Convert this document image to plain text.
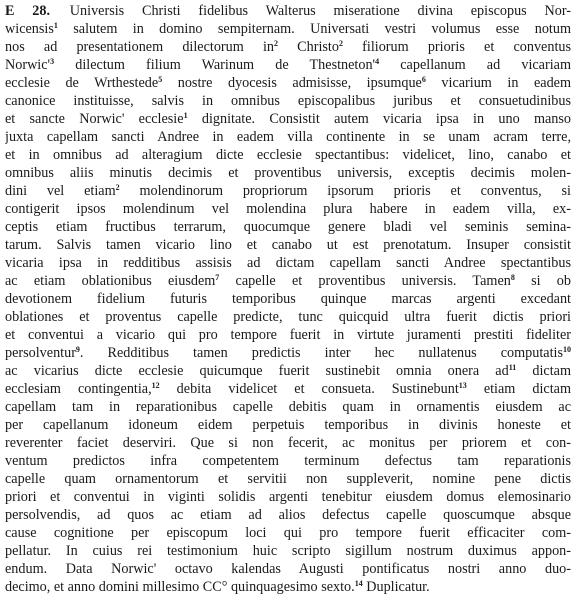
E 28. Universis Christi fidelibus Walterus miseratione divina episcopus Nor-
wicensis$^1$ salutem in domino sempiternam. Universati vestri volumus esse notum
nos ad presentationem dilectorum $in^2$ Christo$^2$ filiorum prioris et conventus
$Norwic'^3$ dilectum filium Warinum de $Thestneton'^4$ capellanum ad vicariam
ecclesie de Wrthestede$^5$ nostre dyocesis admisisse, ipsumque$^6$ vicarium in eadem
canonice instituisse, salvis in omnibus episcopalibus juribus et consuetudinibus
et sancte Norwic' ecclesie$^1$ dignitate. Consistit autem vicaria ipsa in uno manso
juxta capellam sancti Andree in eadem villa continente in se unam acram terre,
et in omnibus ad alteragium dicte ecclesie spectantibus: videlicet, lino, canabo et
omnibus aliis minutis decimis et proventibus universis, exceptis decimis molen-
dini vel etiam$^2$ molendinorum propriorum ipsorum prioris et conventus, si
contigerit ipsos molendinum vel molendina plura habere in eadem villa, ex-
ceptis etiam fructibus terrarum, quocumque genere bladi vel seminis semina-
tarum. Salvis tamen vicario lino et canabo ut est prenotatum. Insuper consistit
vicaria ipsa in redditibus assisis ad dictam capellam sancti Andree spectantibus
ac etiam oblationibus eiusdem$^7$ capelle et proventibus universis. Tamen$^8$ si ob
devotionem fidelium futuris temporibus quinque marcas argenti excedant
oblationes et proventus capelle predicte, tunc quicquid ultra fuerit dictis priori
et conventui a vicario qui pro tempore fuerit in virtute juramenti prestiti fideliter
persolventur$^9$. Redditibus tamen predictis inter hec nullatenus computatis$^{10}$
ac vicarius dicte ecclesie quicumque fuerit sustinebit omnia onera $ad^{11}$ dictam
ecclesiam contingentia,$^{12}$ debita videlicet et consueta. Sustinebunt$^{13}$ etiam dictam
capellam tam in reparationibus capelle debitis quam in ornamentis eiusdem ac
per capellanum idoneum eidem perpetuis temporibus in divinis honeste et
reverenter faciet deserviri. Que si non fecerit, ac monitus per priorem et con-
ventum predictos infra competentem terminum defectus tam reparationis
capelle quam ornamentorum et servitii non suppleverit, nomine pene dictis
priori et conventui in viginti solidis argenti tenebitur eiusdem domus elemosinario
persolvendis, ad quos ac etiam ad alios defectus capelle quoscumque absque
cause cognitione per episcopum loci qui pro tempore fuerit efficaciter com-
pellatur. In cuius rei testimonium huic scripto sigillum nostrum duximus appon-
endum. Data Norwic' octavo kalendas Augusti pontificatus nostri anno duo-
decimo, et anno domini millesimo CC° quinquagesimo sexto.$^{14}$ Duplicatur.
